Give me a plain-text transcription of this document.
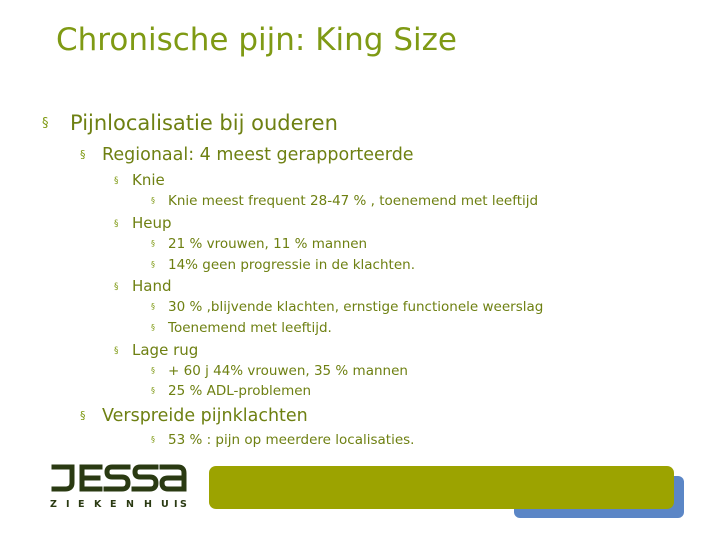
Chronische pijn: King Size
§ Pijnlocalisatie bij ouderen
§ Regionaal: 4 meest gerapporteerde
§ Knie
§ Knie meest frequent 28-47 % , toenemend met leeftijd
§ Heup
§ 21 % vrouwen, 11 % mannen
§ 14% geen progressie in de klachten.
§ Hand
§ 30 % ,blijvende klachten, ernstige functionele weerslag
§ Toenemend met leeftijd.
§ Lage rug
§ + 60 j 44% vrouwen, 35 % mannen
§ 25 % ADL-problemen
§ Verspreide pijnklachten
§ 53 % : pijn op meerdere localisaties.
Z I E K E N H U I S
